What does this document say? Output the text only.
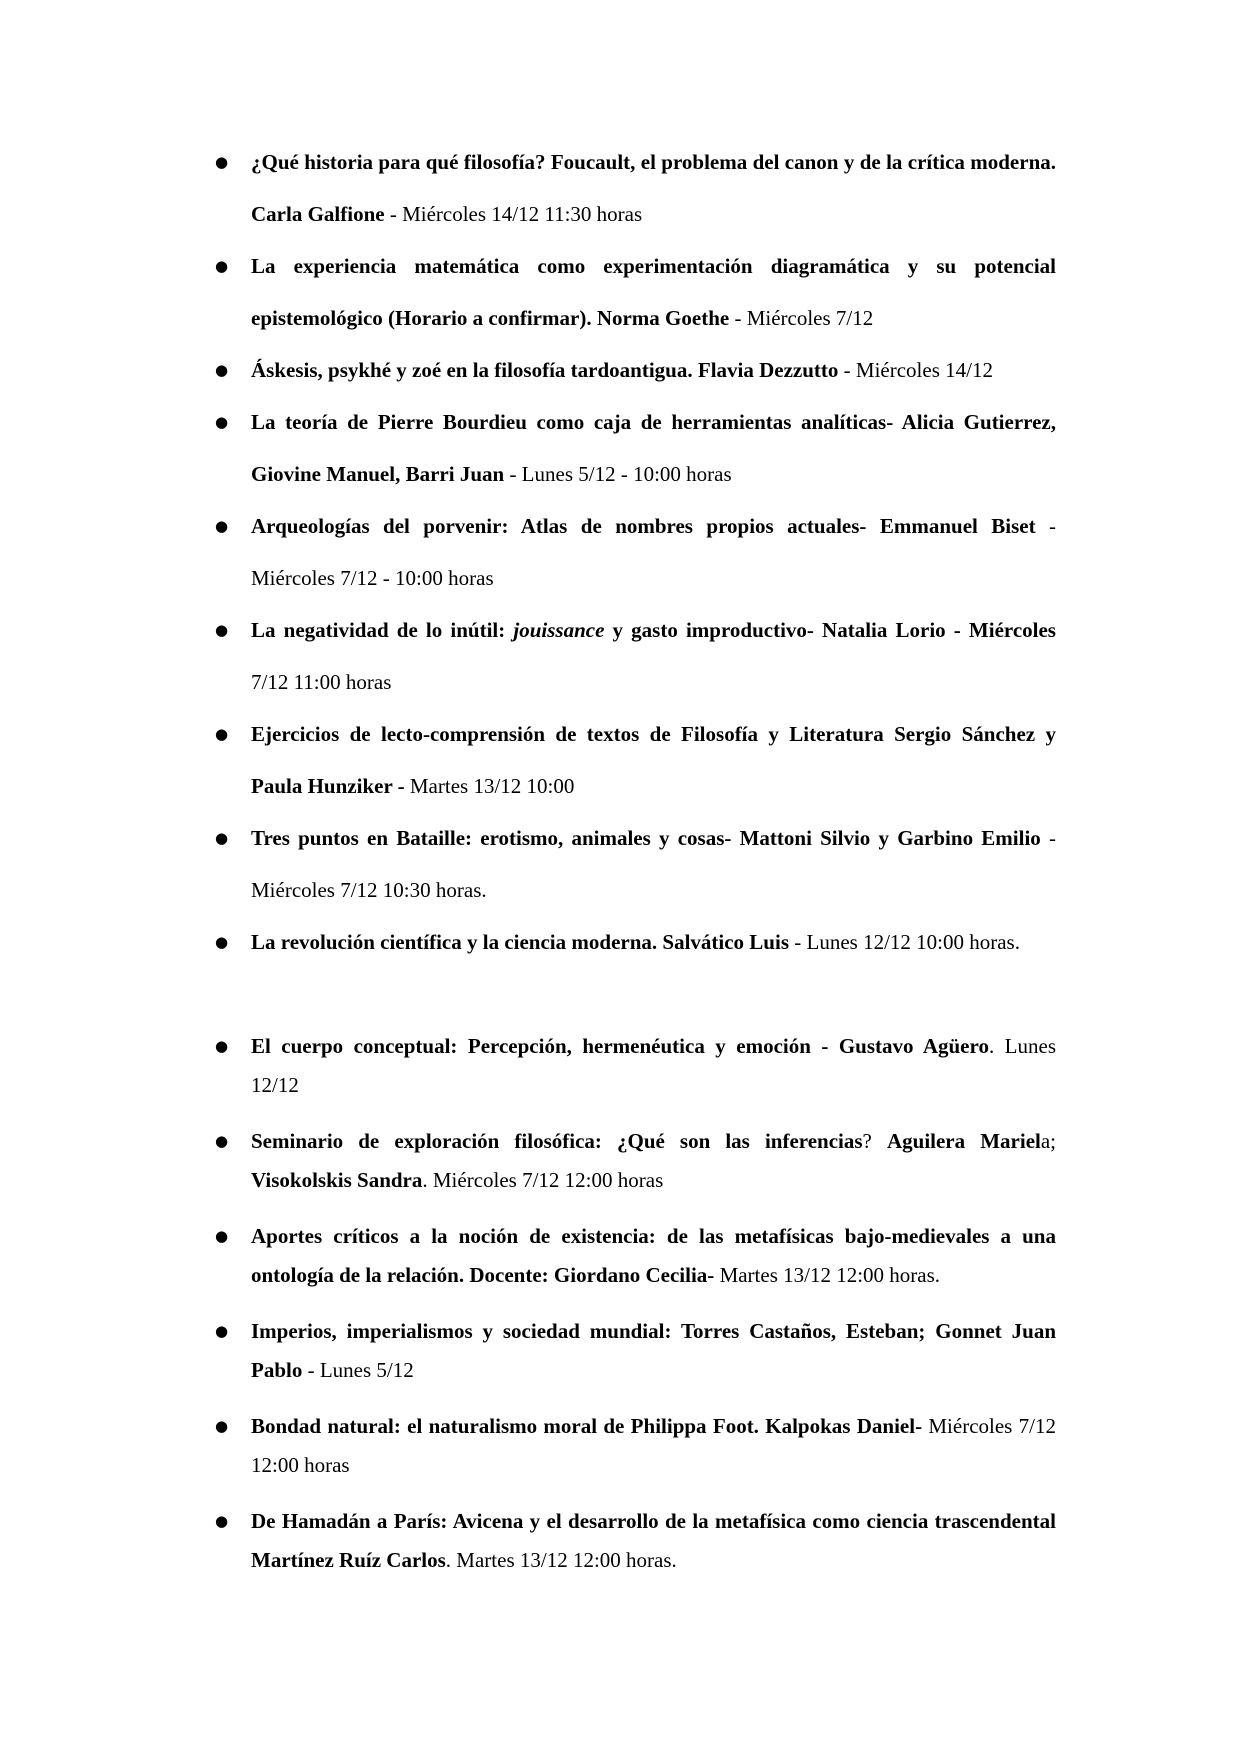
● ¿Qué historia para qué filosofía? Foucault, el problema del canon y de la crítica moderna. Carla Galfione - Miércoles 14/12 11:30 horas
● La experiencia matemática como experimentación diagramática y su potencial epistemológico (Horario a confirmar). Norma Goethe - Miércoles 7/12
● Áskesis, psykhé y zoé en la filosofía tardoantigua. Flavia Dezzutto - Miércoles 14/12
● La teoría de Pierre Bourdieu como caja de herramientas analíticas- Alicia Gutierrez, Giovine Manuel, Barri Juan - Lunes 5/12 - 10:00 horas
● Arqueologías del porvenir: Atlas de nombres propios actuales- Emmanuel Biset - Miércoles 7/12 - 10:00 horas
● La negatividad de lo inútil: jouissance y gasto improductivo- Natalia Lorio - Miércoles 7/12 11:00 horas
● Ejercicios de lecto-comprensión de textos de Filosofía y Literatura Sergio Sánchez y Paula Hunziker - Martes 13/12 10:00
● Tres puntos en Bataille: erotismo, animales y cosas- Mattoni Silvio y Garbino Emilio - Miércoles 7/12 10:30 horas.
● La revolución científica y la ciencia moderna. Salvático Luis - Lunes 12/12 10:00 horas.
● El cuerpo conceptual: Percepción, hermenéutica y emoción - Gustavo Agüero. Lunes 12/12
● Seminario de exploración filosófica: ¿Qué son las inferencias? Aguilera Mariela; Visokolskis Sandra. Miércoles 7/12 12:00 horas
● Aportes críticos a la noción de existencia: de las metafísicas bajo-medievales a una ontología de la relación. Docente: Giordano Cecilia- Martes 13/12 12:00 horas.
● Imperios, imperialismos y sociedad mundial: Torres Castaños, Esteban; Gonnet Juan Pablo - Lunes 5/12
● Bondad natural: el naturalismo moral de Philippa Foot. Kalpokas Daniel- Miércoles 7/12 12:00 horas
● De Hamadán a París: Avicena y el desarrollo de la metafísica como ciencia trascendental Martínez Ruíz Carlos. Martes 13/12 12:00 horas.
